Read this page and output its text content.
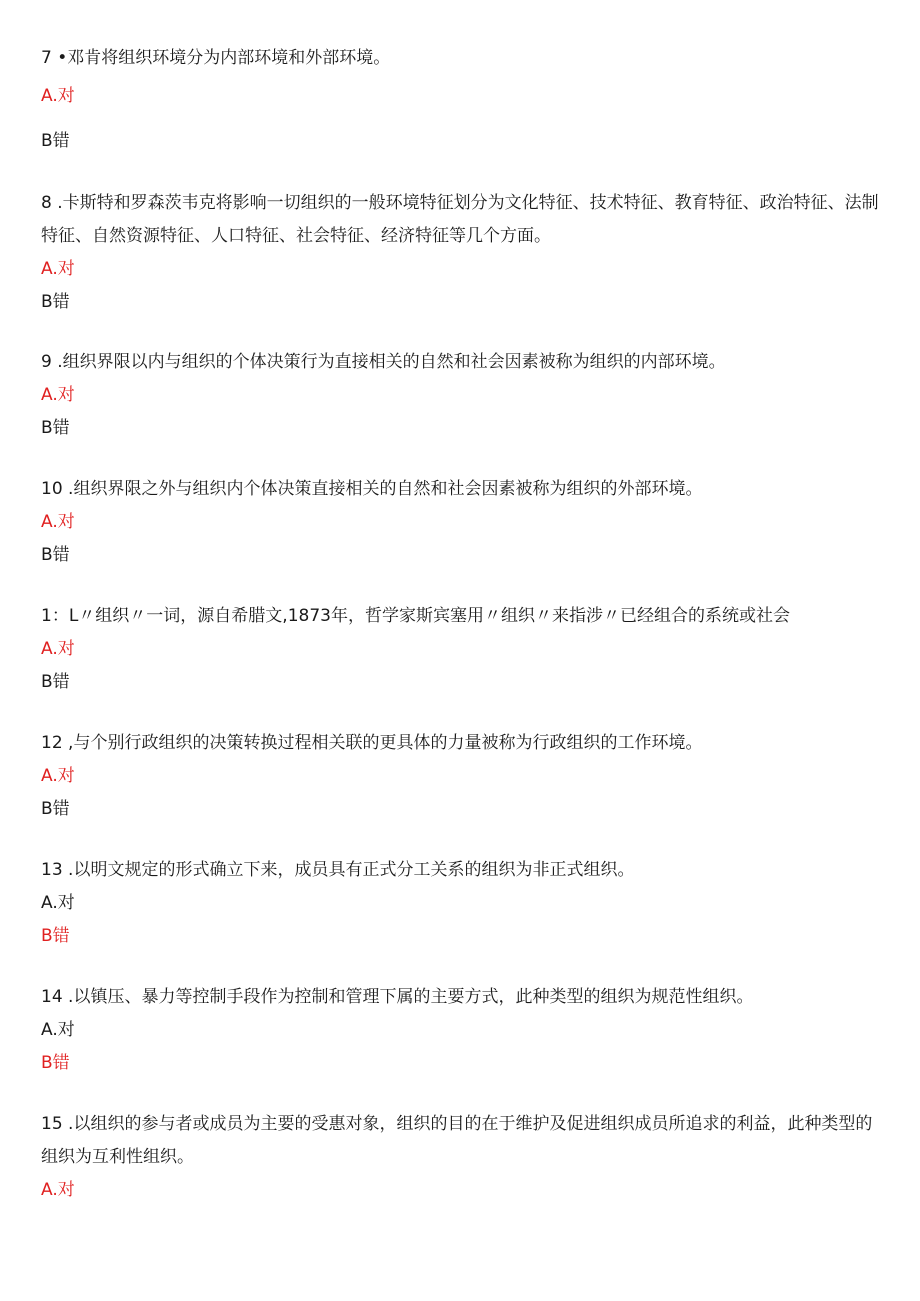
7 •邓肯将组织环境分为内部环境和外部环境。

A.对

B错

8 .卡斯特和罗森茨韦克将影响一切组织的一般环境特征划分为文化特征、技术特征、教育特征、政治特征、法制特征、自然资源特征、人口特征、社会特征、经济特征等几个方面。

A.对

B错

9 .组织界限以内与组织的个体决策行为直接相关的自然和社会因素被称为组织的内部环境。

A.对

B错

10 .组织界限之外与组织内个体决策直接相关的自然和社会因素被称为组织的外部环境。

A.对

B错

1：L〃组织〃一词，源自希腊文,1873年，哲学家斯宾塞用〃组织〃来指涉〃已经组合的系统或社会

A.对

B错

12 ,与个别行政组织的决策转换过程相关联的更具体的力量被称为行政组织的工作环境。

A.对

B错

13 .以明文规定的形式确立下来，成员具有正式分工关系的组织为非正式组织。

A.对

B错

14 .以镇压、暴力等控制手段作为控制和管理下属的主要方式，此种类型的组织为规范性组织。

A.对

B错

15 .以组织的参与者或成员为主要的受惠对象，组织的目的在于维护及促进组织成员所追求的利益，此种类型的组织为互利性组织。

A.对
